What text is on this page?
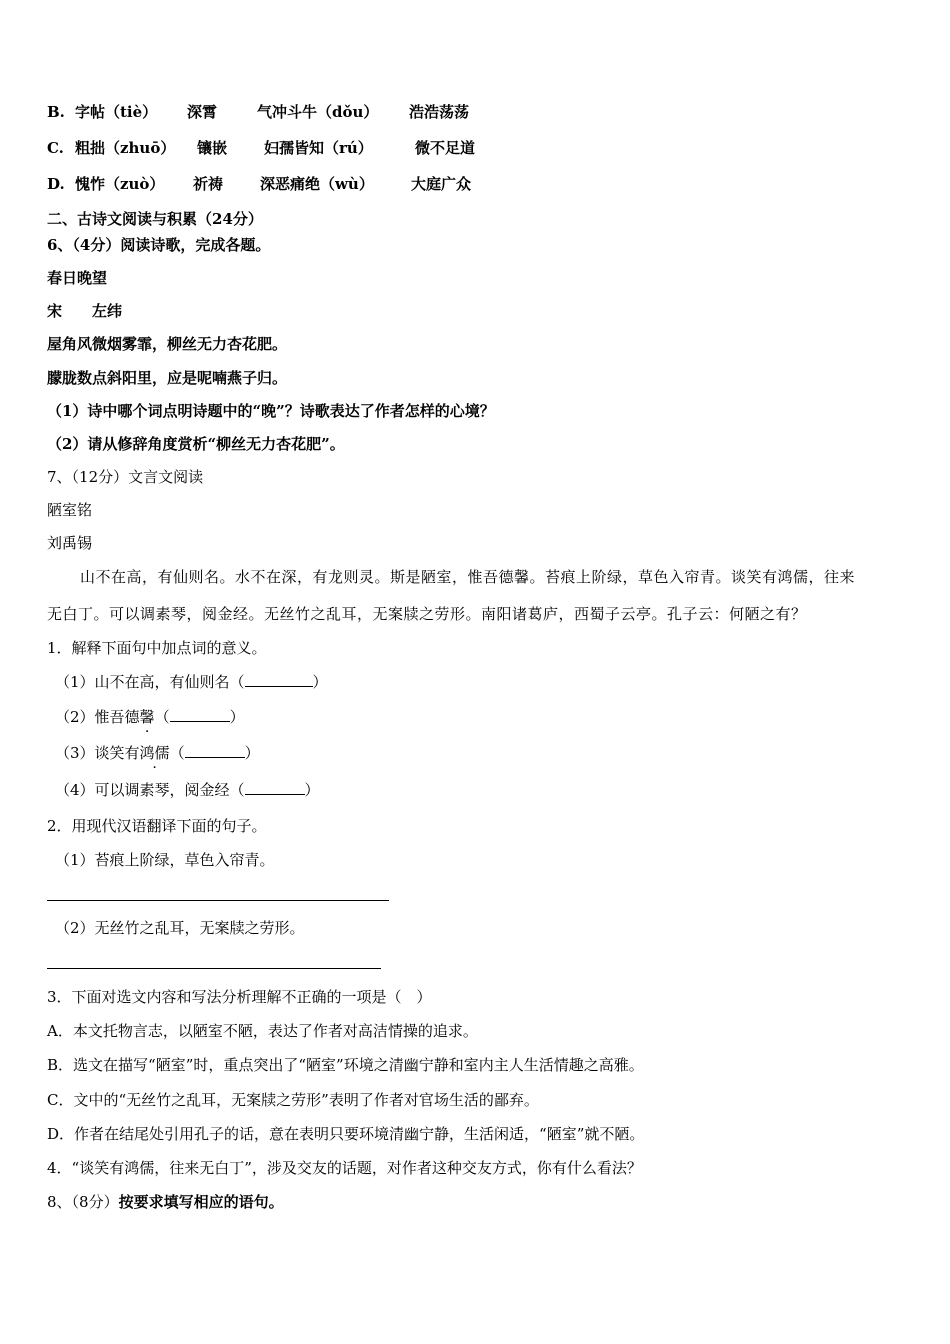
B. 字帖（tiè） 深霄	气冲斗牛（dǒu） 浩浩荡荡
C. 粗拙（zhuō） 镶嵌 妇孺皆知（rú）	微不足道
D. 愧怍（zuò） 祈祷 深恶痛绝（wù） 大庭广众
二、古诗文阅读与积累（24分）
6、（4分）阅读诗歌，完成各题。
春日晚望
宋　　左纬
屋角风微烟雾霏，柳丝无力杏花肥。
朦胧数点斜阳里，应是呢喃燕子归。
（1）诗中哪个词点明诗题中的“晚”？诗歌表达了作者怎样的心境？
（2）请从修辞角度赏析“柳丝无力杏花肥”。
7、（12分）文言文阅读
陋室铭
刘禹锡
山不在高，有仙则名。水不在深，有龙则灵。斯是陋室，惟吾德馨。苔痕上阶绿，草色入帘青。谈笑有鸿儒，往来
无白丁。可以调素琴，阅金经。无丝竹之乱耳，无案牍之劳形。南阳诸葛庐，西蜀子云亭。孔子云：何陋之有？
1．解释下面句中加点词的意义。
（1）山不在高，有仙则名（	）
（2）惟吾德馨（	）
（3）谈笑有鸿儒（	）
（4）可以调素琴，阅金经（	）
2．用现代汉语翻译下面的句子。
（1）苔痕上阶绿，草色入帘青。
（2）无丝竹之乱耳，无案牍之劳形。
3．下面对选文内容和写法分析理解不正确的一项是（　）
A．本文托物言志，以陋室不陋，表达了作者对高洁情操的追求。
B．选文在描写“陋室”时，重点突出了“陋室”环境之清幽宁静和室内主人生活情趣之高雅。
C．文中的“无丝竹之乱耳，无案牍之劳形”表明了作者对官场生活的鄙弃。
D．作者在结尾处引用孔子的话，意在表明只要环境清幽宁静，生活闲适，“陋室”就不陋。
4．“谈笑有鸿儒，往来无白丁”，涉及交友的话题，对作者这种交友方式，你有什么看法？
8、（8分）按要求填写相应的语句。
